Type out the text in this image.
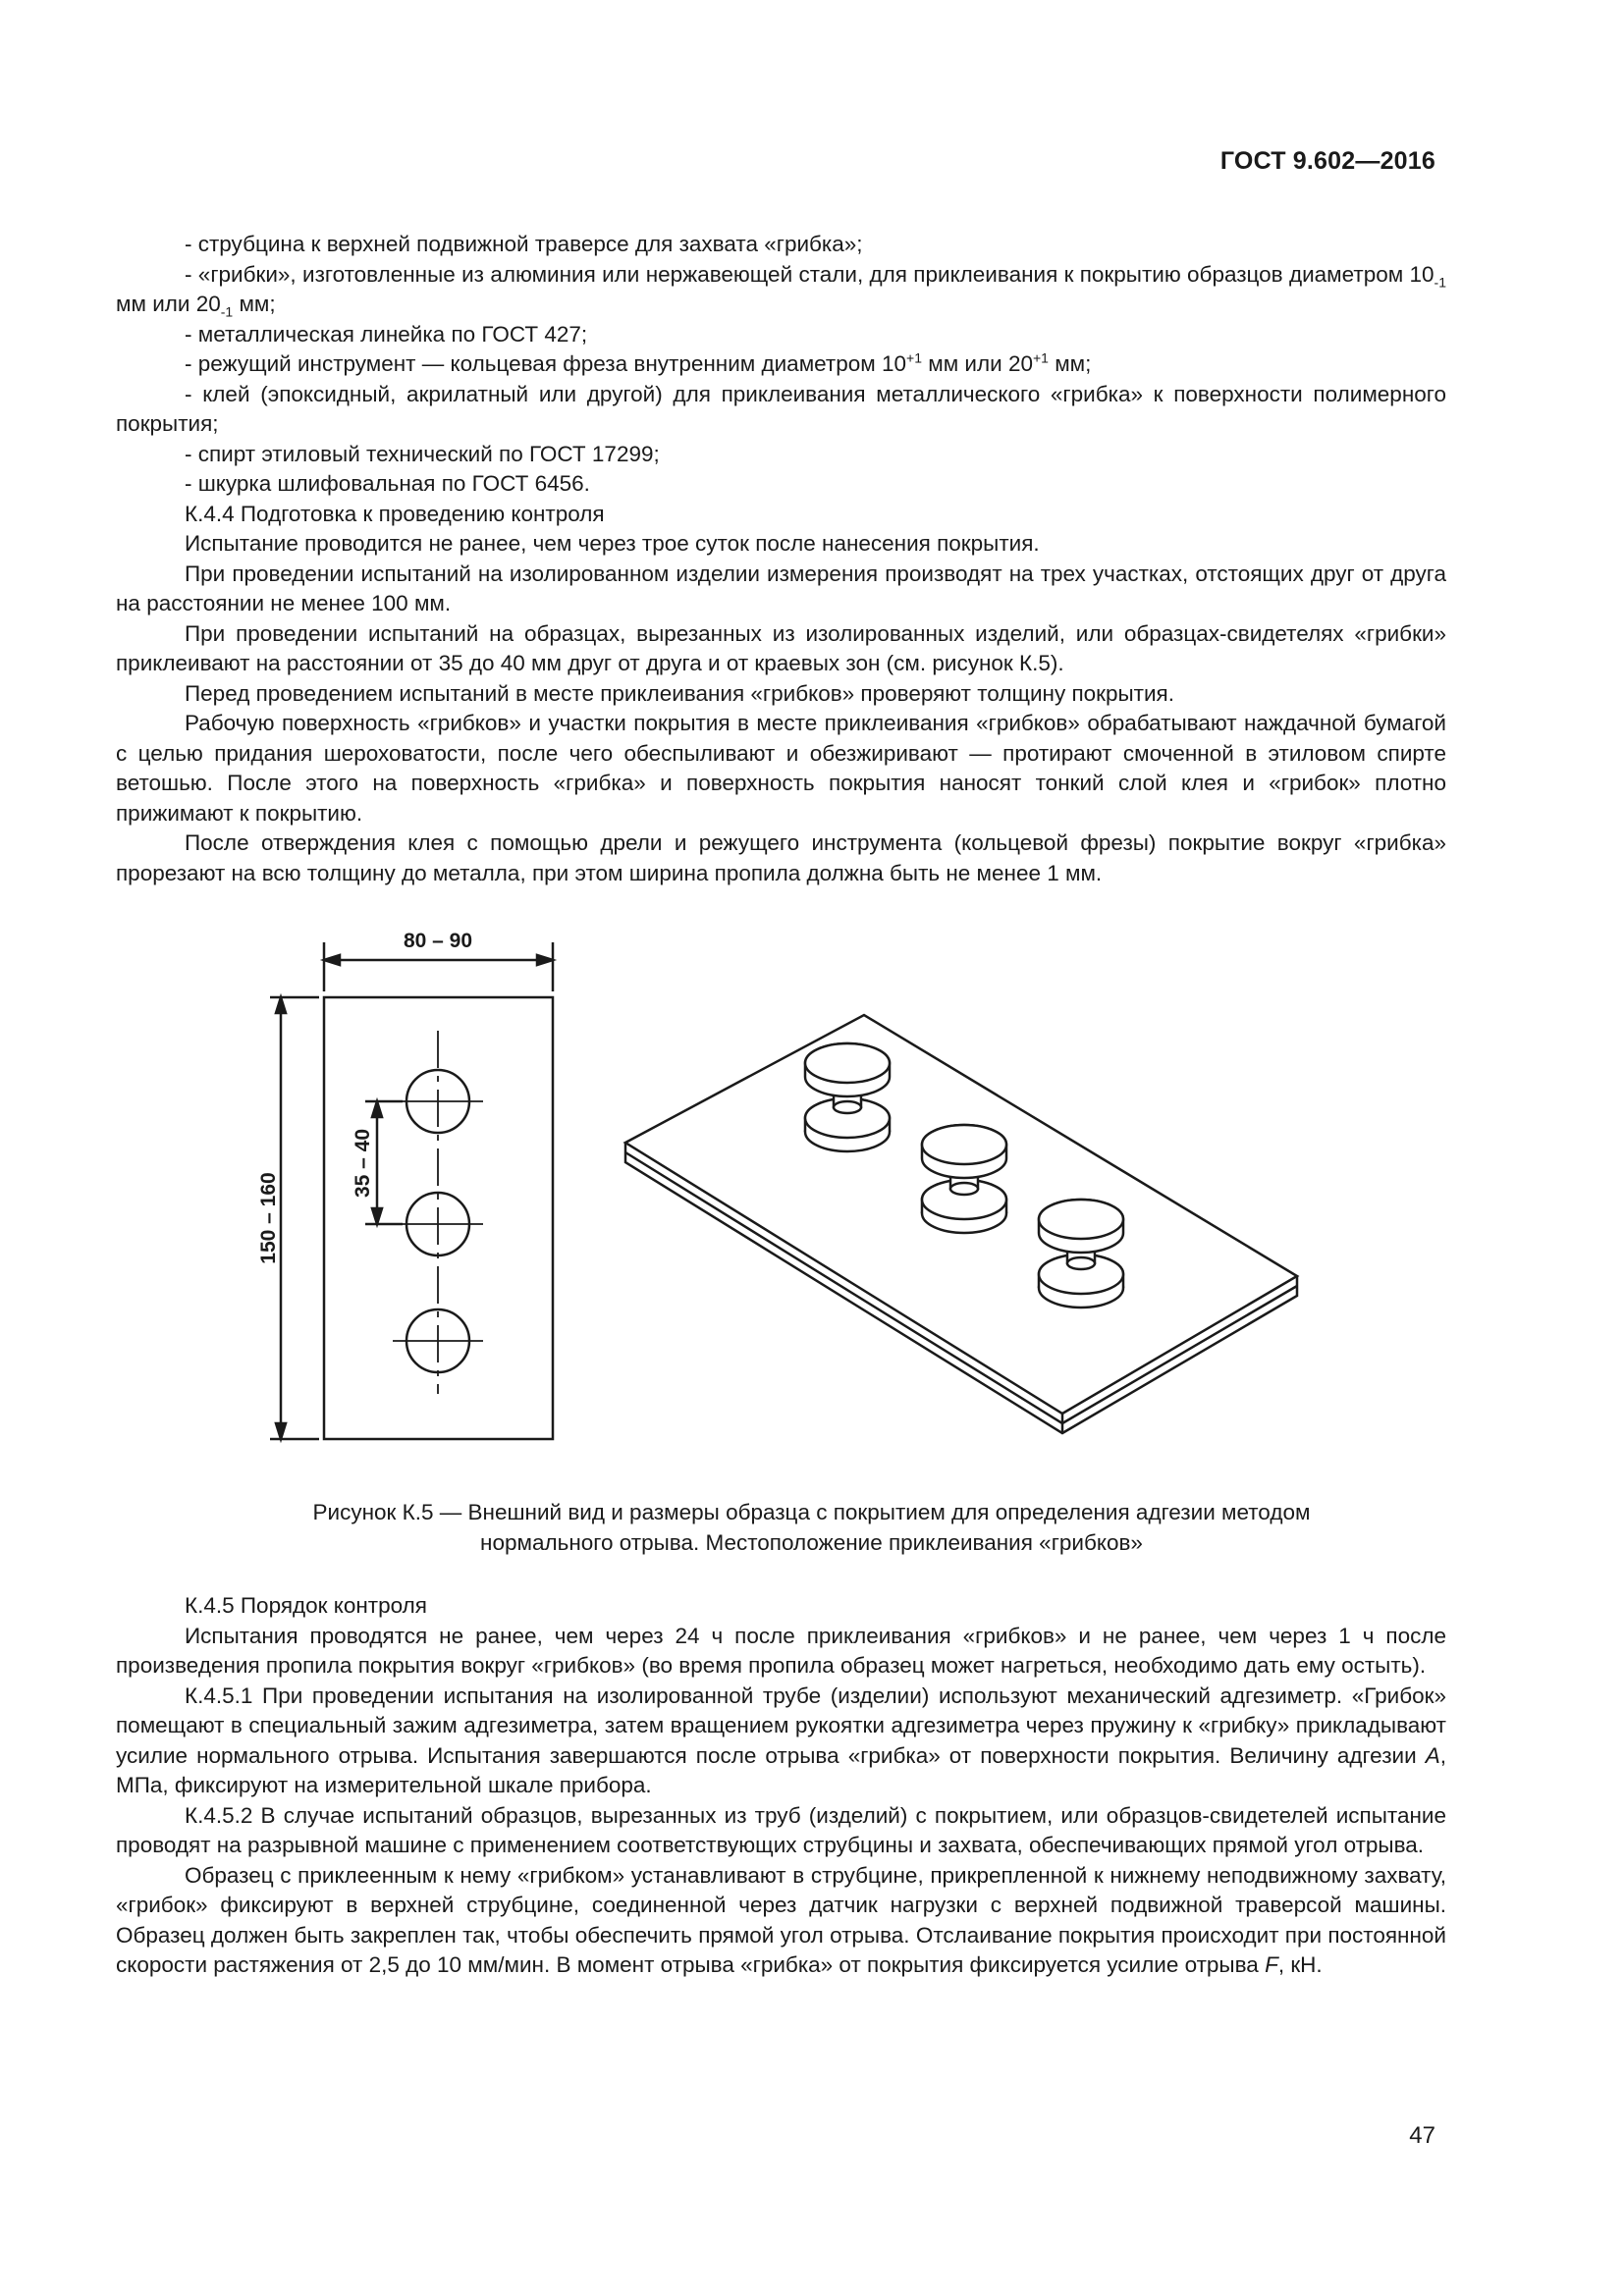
ГОСТ 9.602—2016

- струбцина к верхней подвижной траверсе для захвата «грибка»;

- «грибки», изготовленные из алюминия или нержавеющей стали, для приклеивания к покрытию образцов диаметром $10_{-1}$ мм или $20_{-1}$ мм;

- металлическая линейка по ГОСТ 427;

- режущий инструмент — кольцевая фреза внутренним диаметром $10^{+1}$ мм или $20^{+1}$ мм;

- клей (эпоксидный, акрилатный или другой) для приклеивания металлического «грибка» к поверхности полимерного покрытия;

- спирт этиловый технический по ГОСТ 17299;

- шкурка шлифовальная по ГОСТ 6456.

К.4.4 Подготовка к проведению контроля

Испытание проводится не ранее, чем через трое суток после нанесения покрытия.

При проведении испытаний на изолированном изделии измерения производят на трех участках, отстоящих друг от друга на расстоянии не менее 100 мм.

При проведении испытаний на образцах, вырезанных из изолированных изделий, или образцах-свидетелях «грибки» приклеивают на расстоянии от 35 до 40 мм друг от друга и от краевых зон (см. рисунок К.5).

Перед проведением испытаний в месте приклеивания «грибков» проверяют толщину покрытия.

Рабочую поверхность «грибков» и участки покрытия в месте приклеивания «грибков» обрабатывают наждачной бумагой с целью придания шероховатости, после чего обеспыливают и обезжиривают — протирают смоченной в этиловом спирте ветошью. После этого на поверхность «грибка» и поверхность покрытия наносят тонкий слой клея и «грибок» плотно прижимают к покрытию.

После отверждения клея с помощью дрели и режущего инструмента (кольцевой фрезы) покрытие вокруг «грибка» прорезают на всю толщину до металла, при этом ширина пропила должна быть не менее 1 мм.

80 – 90
150 – 160
35 – 40
Рисунок К.5 — Внешний вид и размеры образца с покрытием для определения адгезии методом
нормального отрыва. Местоположение приклеивания «грибков»

К.4.5 Порядок контроля

Испытания проводятся не ранее, чем через 24 ч после приклеивания «грибков» и не ранее, чем через 1 ч после произведения пропила покрытия вокруг «грибков» (во время пропила образец может нагреться, необходимо дать ему остыть).

К.4.5.1 При проведении испытания на изолированной трубе (изделии) используют механический адгезиметр. «Грибок» помещают в специальный зажим адгезиметра, затем вращением рукоятки адгезиметра через пружину к «грибку» прикладывают усилие нормального отрыва. Испытания завершаются после отрыва «грибка» от поверхности покрытия. Величину адгезии А, МПа, фиксируют на измерительной шкале прибора.

К.4.5.2 В случае испытаний образцов, вырезанных из труб (изделий) с покрытием, или образцов-свидетелей испытание проводят на разрывной машине с применением соответствующих струбцины и захвата, обеспечивающих прямой угол отрыва.

Образец с приклеенным к нему «грибком» устанавливают в струбцине, прикрепленной к нижнему неподвижному захвату, «грибок» фиксируют в верхней струбцине, соединенной через датчик нагрузки с верхней подвижной траверсой машины. Образец должен быть закреплен так, чтобы обеспечить прямой угол отрыва. Отслаивание покрытия происходит при постоянной скорости растяжения от 2,5 до 10 мм/мин. В момент отрыва «грибка» от покрытия фиксируется усилие отрыва F, кН.

47
